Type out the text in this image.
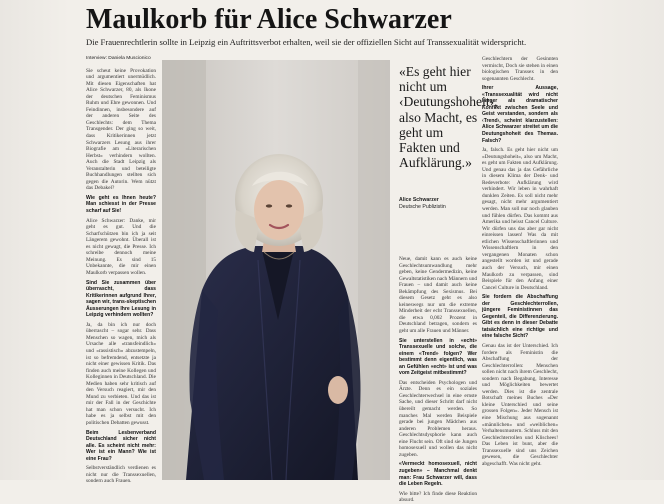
Maulkorb für Alice Schwarzer

Die Frauenrechtlerin sollte in Leipzig ein Auftrittsverbot erhalten, weil sie der offiziellen Sicht auf Transsexualität widerspricht.

Interview: Daniela Muscionico

Sie scheut keine Provokation und argumentiert unermüdlich. Mit diesen Eigenschaften hat Alice Schwarzer, 80, als Ikone der deutschen Feminismus Ruhm und Ehre gewonnen. Und Feindinnen, insbesondere auf der anderen Seite des Geschlechts: dem Thema Transgender. Der ging so weit, dass Kritikerinnen jetzt Schwarzers Lesung aus ihrer Biografie am «Literarischen Herbst» verhindern wollten. Auch die Stadt Leipzig als Veranstalterin und beteiligte Buchhandlungen stellten sich gegen die Autorin. Wem nützt das Debakel?

Wie geht es Ihnen heute? Man schiesst in der Presse scharf auf Sie!

Alice Schwarzer: Danke, mir geht es gut. Und die Scharfschützen bin ich ja seit Längerem gewohnt. Überall ist es nicht gewagt, die Presse. Ich schreibe dennoch meine Meinung. Es sind 15 Unbekannte, die mir einen Maulkorb verpassen wollen.

Sind Sie zusammen über überrascht, dass Kritikerinnen aufgrund Ihrer, sagen wir, trans-skeptischen Äusserungen Ihre Lesung in Leipzig verhindern wollten?

Ja, da bin ich nur doch überrascht – sogar sehr. Dass Menschen so wagen, mich als Ursache alle «transfeindlich» und «rassistisch» abzustempeln, ist so befremdend, entsetzte ja nicht einer gewissen Kritik. Das finden auch meine Kollegen und Kolleginnen in Deutschland. Die Medien haben sehr kritisch auf den Versuch reagiert, mir den Mund zu verbieten. Und das ist mir der Fall in der Geschichte hat man schon versucht. Ich habe es ja selbst mit den politischen Debatten gewusst.

Beim Lesbenverband Deutschland sicher nicht alle. Es scheint nicht mehr: Wer ist ein Mann? Wie ist eine Frau?

Selbstverständlich verdienen es nicht nur die Transsexuellen, sondern auch Frauen.

«Es geht hier nicht um ‹Deutungshoheit›, also Macht, es geht um Fakten und Aufklärung.»

Alice Schwarzer
Deutsche Publizistin

Neue, damit kann es auch keine Geschlechtsumwandlung mehr geben, keine Gendermedizin, keine Gewaltstatistiken nach Männern und Frauen – und damit auch keine Bekämpfung des Sexismus. Bei diesem Gesetz geht es also keineswegs nur um die extreme Minderheit der echt Transsexuellen, die etwa 0,002 Prozent in Deutschland betragen, sondern es geht um alle Frauen und Männer.

Sie unterstellen in «echt» Transsexuelle und solche, die einem «Trend» folgen? Wer bestimmt denn eigentlich, was an Gefühlen «echt» ist und was vom Zeitgeist mitbestimmt?

Das entscheiden Psychologen und Ärzte. Denn es ein soziales Geschlechterwechsel in eine ernste Sache, und dieser Schritt darf nicht übereilt gemacht werden. So manches Mal werden Beispiele gerade bei jungen Mädchen aus anderen Problemen heraus. Geschlechtsdysphorie kann auch eine Flucht sein. Oft sind sie Jungen homosexuell und wollen das nicht zugeben.

«Vermeckt homosexuell, nicht zugeben» – Manchmal denkt man: Frau Schwarzer will, dass die Leben Regeln.

Wie bitte? Ich finde diese Reaktion absurd.

Geschlechtern der Gesinnten vermischt, Doch sie stehen in einen biologischen Transsex in den sogenannten Geschlecht.

Ihrer Aussage, «Transsexualität wird nicht länger als dramatischer Konflikt zwischen Seele und Geist verstanden, sondern als ‹Trend›, scheint klarzustellen: Alice Schwarzer streitet um die Deutungshoheit des Themas. Falsch?

Ja, falsch. Es geht hier nicht um «Deutungshoheit», also um Macht, es geht um Fakten und Aufklärung. Und genau das ja das Gefährliche in diesem Klima der Denk- und Redeverbote: Aufklärung wird verhindert. Wir leben in wahrhaft dunklen Zeiten. Es soll nicht mehr gesagt, nicht mehr argumentiert werden. Man soll nur noch glauben und fühlen dürfen. Das kommt aus Amerika und heisst Cancel Culture. Wir dürfen uns das aber gar nicht einreissen lassen! Was da mit etlichen Wissenschaftlerinnen und Wissenschaftlern in den vergangenen Monaten schon angestellt worden ist und gerade auch der Versuch, mir einen Maulkorb zu verpassen, sind Beispiele für den Anfang einer Cancel Culture in Deutschland.

Sie fordern die Abschaffung der Geschlechterrollen, jüngere Feministinnen das Gegenteil, die Differenzierung. Gibt es denn in dieser Debatte tatsächlich eine richtige und eine falsche Sicht?

Genau das ist der Unterschied. Ich fordere als Feministin die Abschaffung der Geschlechterrollen: Menschen sollen nicht nach ihrem Geschlecht, sondern nach Begabung, Interesse und Möglichkeiten bewertet werden. Dies ist die zentrale Botschaft meines Buches «Der kleine Unterschied und seine grossen Folgen». Jeder Mensch ist eine Mischung aus sogenannt «männlichen» und «weiblichen» Verhaltensmustern. Schluss mit den Geschlechterrollen und Klischees! Das Leben ist bunt, aber die Transsexuelle sind uns Zeichen gewesen, die Geschlechter abgeschafft. Was nicht geht.
